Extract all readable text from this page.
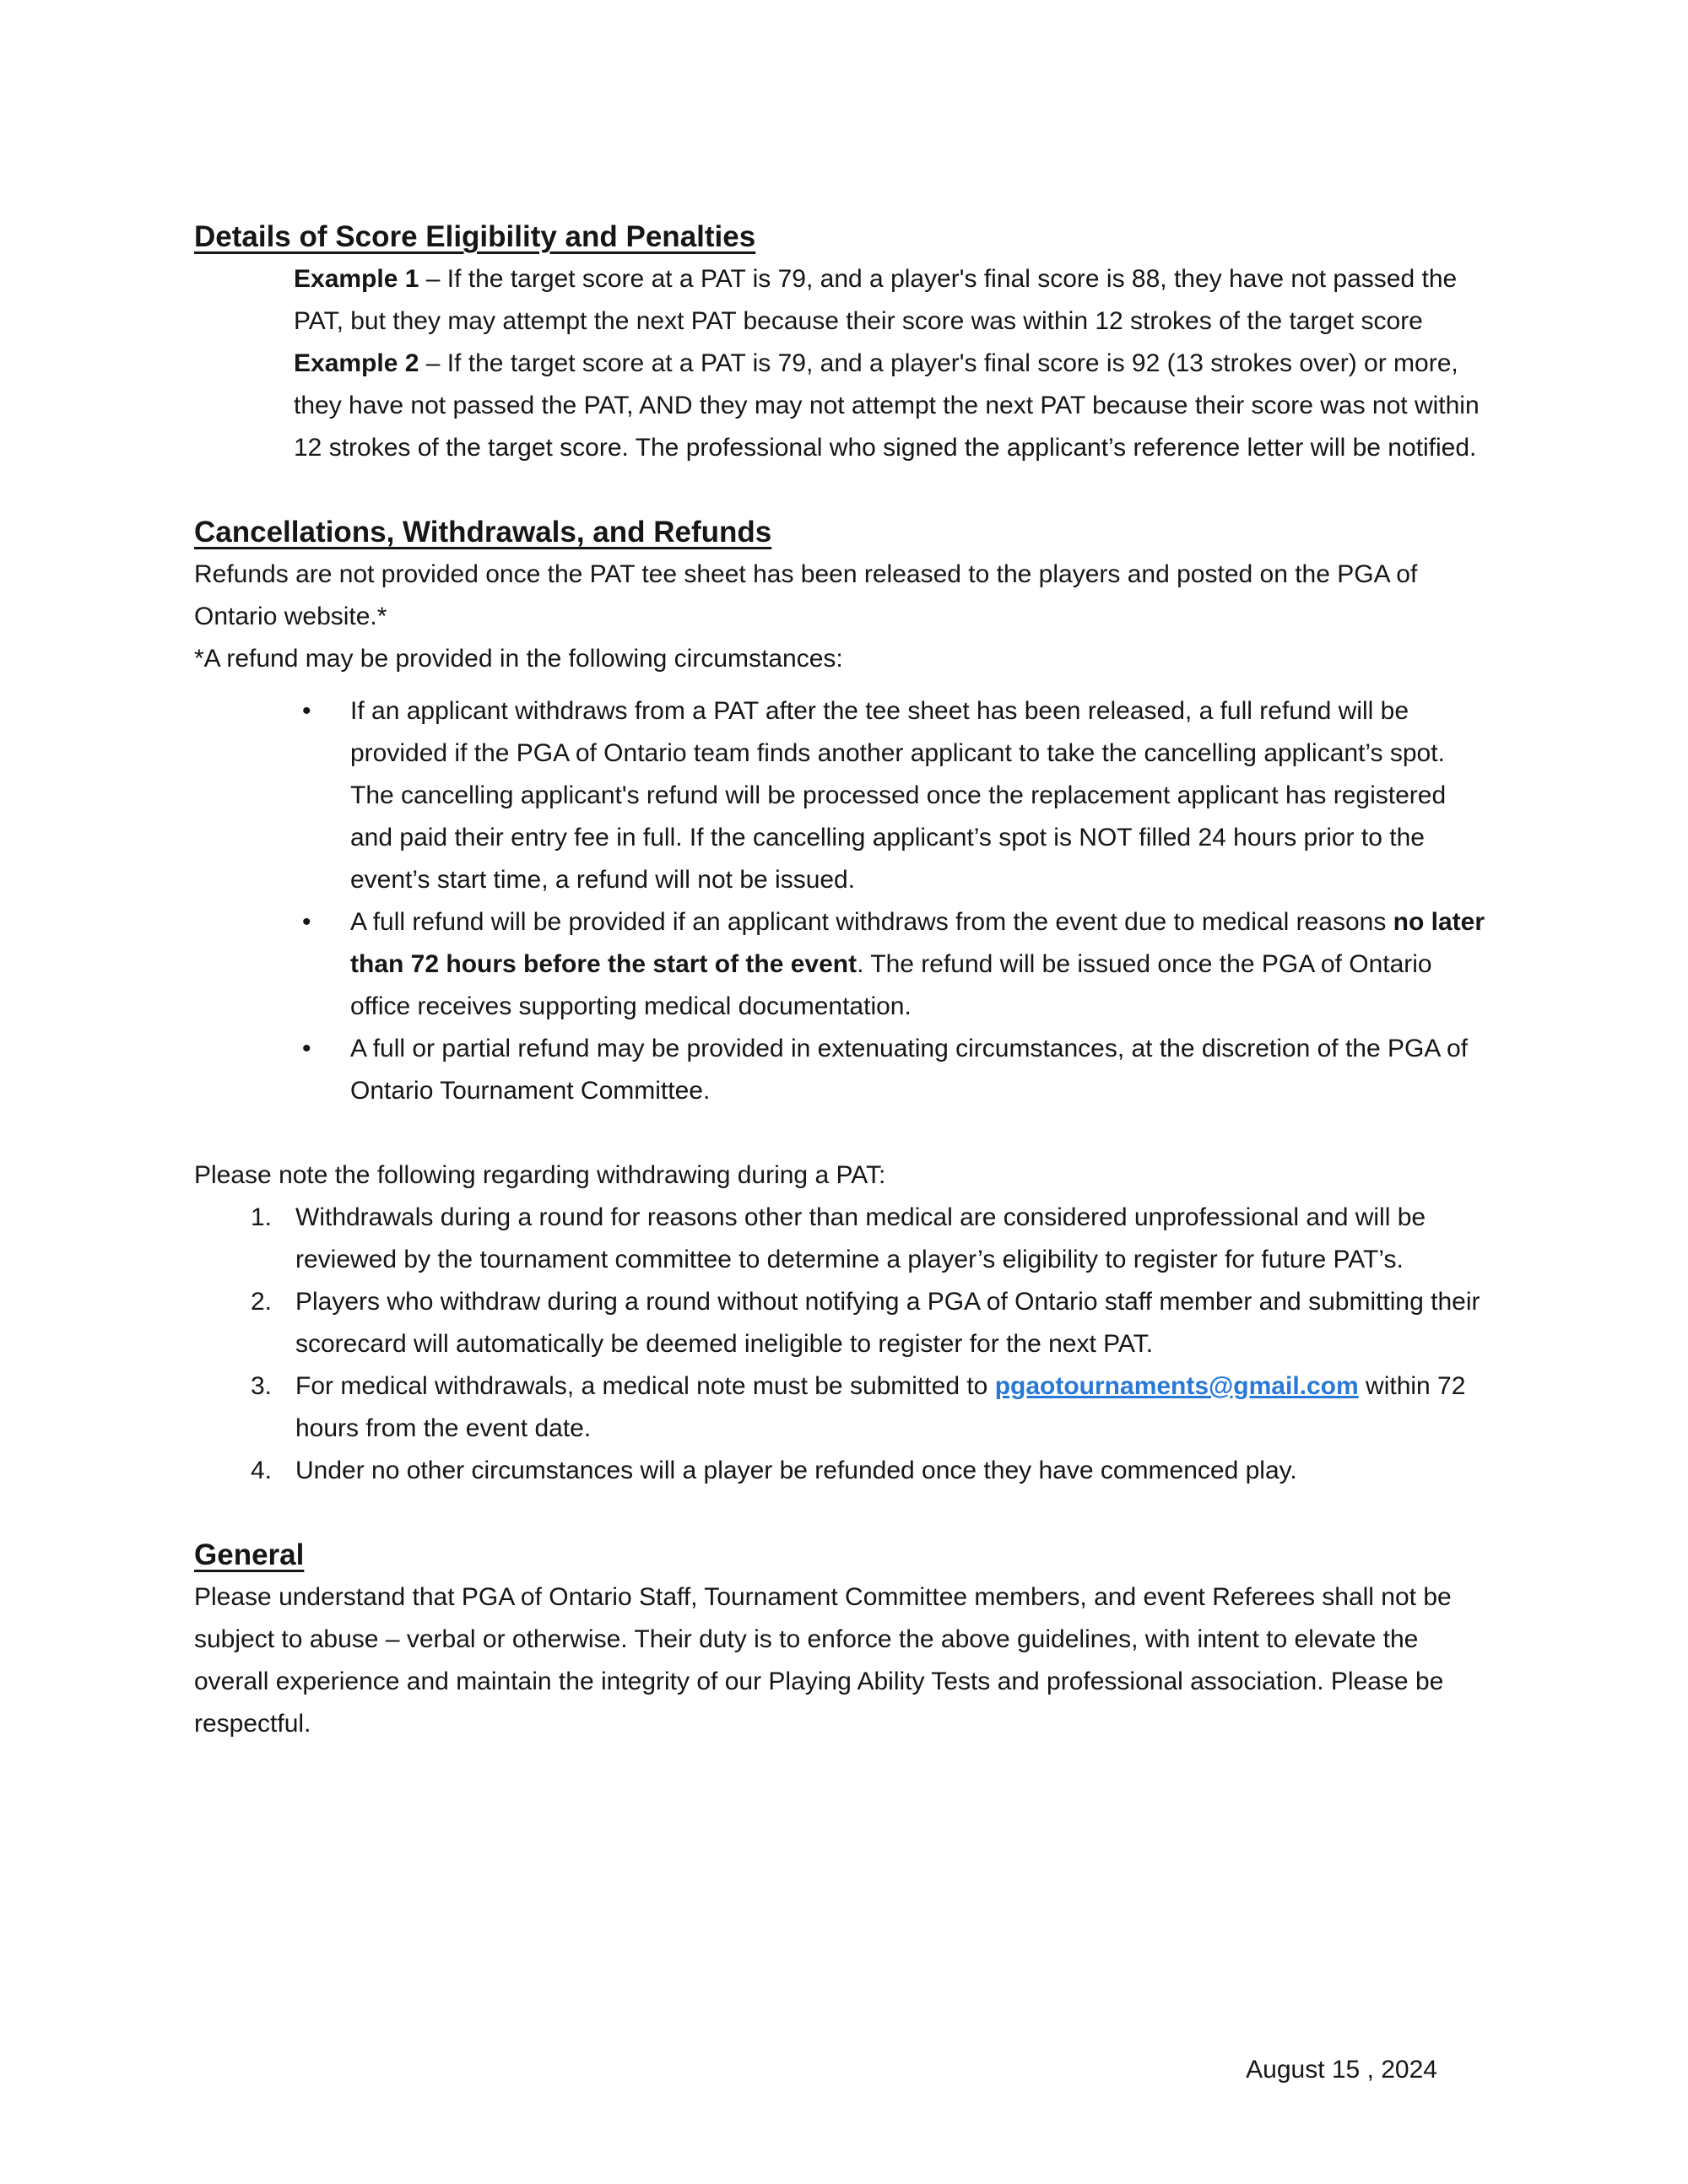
Details of Score Eligibility and Penalties

Example 1 – If the target score at a PAT is 79, and a player's final score is 88, they have not passed the PAT, but they may attempt the next PAT because their score was within 12 strokes of the target score

Example 2 – If the target score at a PAT is 79, and a player's final score is 92 (13 strokes over) or more, they have not passed the PAT, AND they may not attempt the next PAT because their score was not within 12 strokes of the target score. The professional who signed the applicant’s reference letter will be notified.

Cancellations, Withdrawals, and Refunds

Refunds are not provided once the PAT tee sheet has been released to the players and posted on the PGA of Ontario website.*

*A refund may be provided in the following circumstances:

• If an applicant withdraws from a PAT after the tee sheet has been released, a full refund will be provided if the PGA of Ontario team finds another applicant to take the cancelling applicant’s spot. The cancelling applicant's refund will be processed once the replacement applicant has registered and paid their entry fee in full. If the cancelling applicant’s spot is NOT filled 24 hours prior to the event’s start time, a refund will not be issued.
• A full refund will be provided if an applicant withdraws from the event due to medical reasons no later than 72 hours before the start of the event. The refund will be issued once the PGA of Ontario office receives supporting medical documentation.
• A full or partial refund may be provided in extenuating circumstances, at the discretion of the PGA of Ontario Tournament Committee.

Please note the following regarding withdrawing during a PAT:

1. Withdrawals during a round for reasons other than medical are considered unprofessional and will be reviewed by the tournament committee to determine a player’s eligibility to register for future PAT’s.
2. Players who withdraw during a round without notifying a PGA of Ontario staff member and submitting their scorecard will automatically be deemed ineligible to register for the next PAT.
3. For medical withdrawals, a medical note must be submitted to pgaotournaments@gmail.com within 72 hours from the event date.
4. Under no other circumstances will a player be refunded once they have commenced play.
General

Please understand that PGA of Ontario Staff, Tournament Committee members, and event Referees shall not be subject to abuse – verbal or otherwise. Their duty is to enforce the above guidelines, with intent to elevate the overall experience and maintain the integrity of our Playing Ability Tests and professional association. Please be respectful.

August 15 , 2024
